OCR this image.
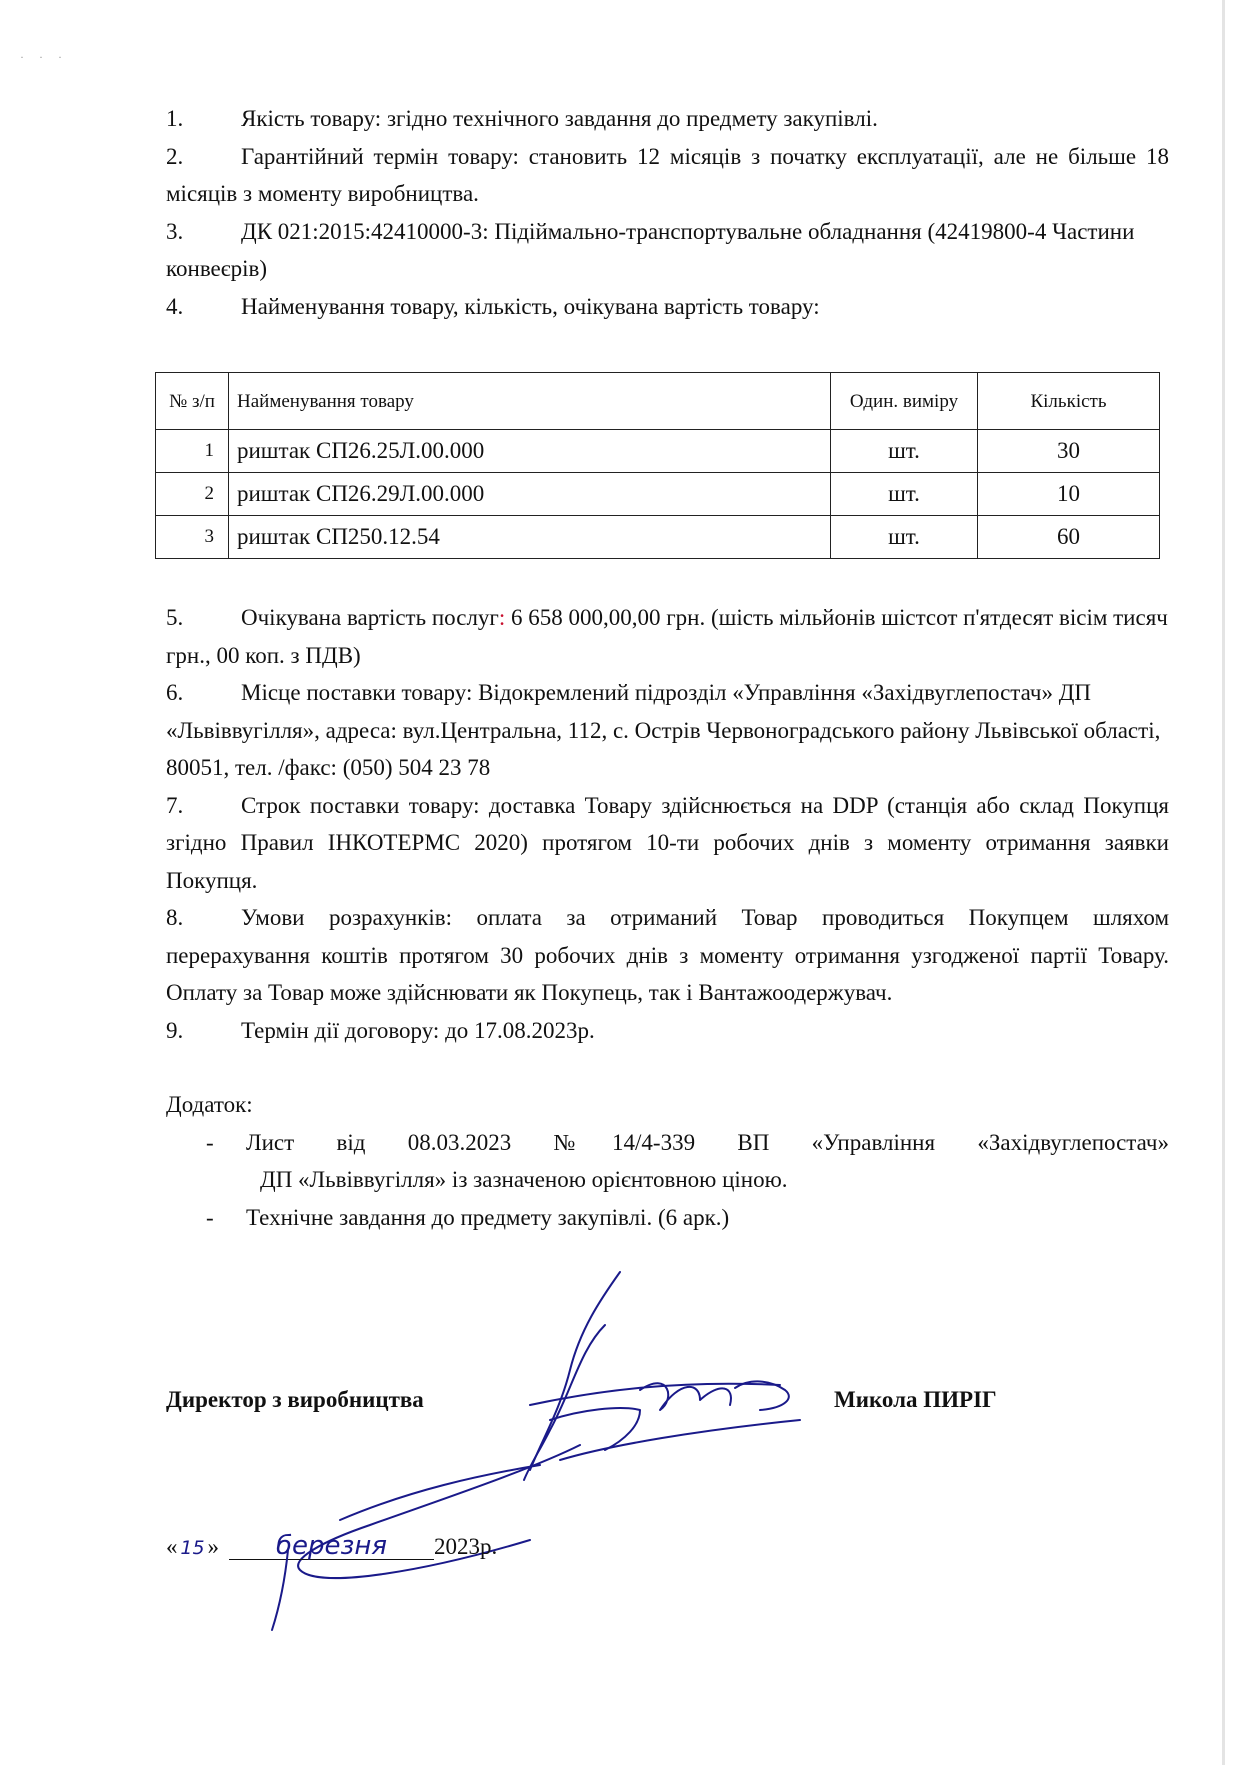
· · ·

1.	Якість товару: згідно технічного завдання до предмету закупівлі.

2.	Гарантійний термін товару: становить 12 місяців з початку експлуатації, але не більше 18 місяців з моменту виробництва.

3.	ДК 021:2015:42410000-3: Підіймально-транспортувальне обладнання (42419800-4 Частини конвеєрів)

4.	Найменування товару, кількість, очікувана вартість товару:

№ з/п	Найменування товару	Один. виміру	Кількість
1	риштак СП26.25Л.00.000	шт.	30
2	риштак СП26.29Л.00.000	шт.	10
3	риштак СП250.12.54	шт.	60

5.	Очікувана вартість послуг: 6 658 000,00,00 грн. (шість мільйонів шістсот п'ятдесят вісім тисяч грн., 00 коп. з ПДВ)

6.	Місце поставки товару: Відокремлений підрозділ «Управління «Західвуглепостач» ДП «Львіввугілля», адреса: вул.Центральна, 112, с. Острів Червоноградського району Львівської області, 80051, тел. /факс: (050) 504 23 78

7.	Строк поставки товару: доставка Товару здійснюється на DDP (станція або склад Покупця згідно Правил ІНКОТЕРМС 2020) протягом 10-ти робочих днів з моменту отримання заявки Покупця.

8.	Умови розрахунків: оплата за отриманий Товар проводиться Покупцем шляхом перерахування коштів протягом 30 робочих днів з моменту отримання узгодженої партії Товару. Оплату за Товар може здійснювати як Покупець, так і Вантажоодержувач.

9.	Термін дії договору: до 17.08.2023р.

Додаток:

-	Лист від 08.03.2023 №14/4-339 ВП «Управління «Західвуглепостач»
ДП «Львіввугілля» із зазначеною орієнтовною ціною.
-	Технічне завдання до предмету закупівлі. (6 арк.)
Директор з виробництва	Микола ПИРІГ
« 15 » березня 2023р.
